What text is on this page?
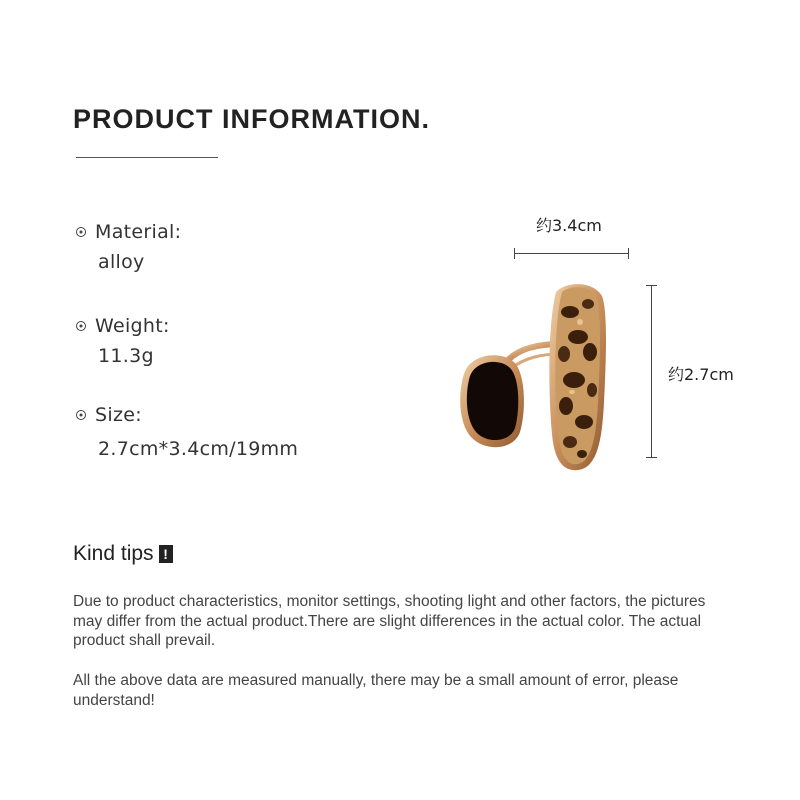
PRODUCT INFORMATION.
Material:
alloy
Weight:
11.3g
Size:
2.7cm*3.4cm/19mm
约3.4cm
约2.7cm
Kind tips !
Due to product characteristics, monitor settings, shooting light and other factors, the pictures may differ from the actual product.There are slight differences in the actual color. The actual product shall prevail.
All the above data are measured manually, there may be a small amount of error, please understand!
